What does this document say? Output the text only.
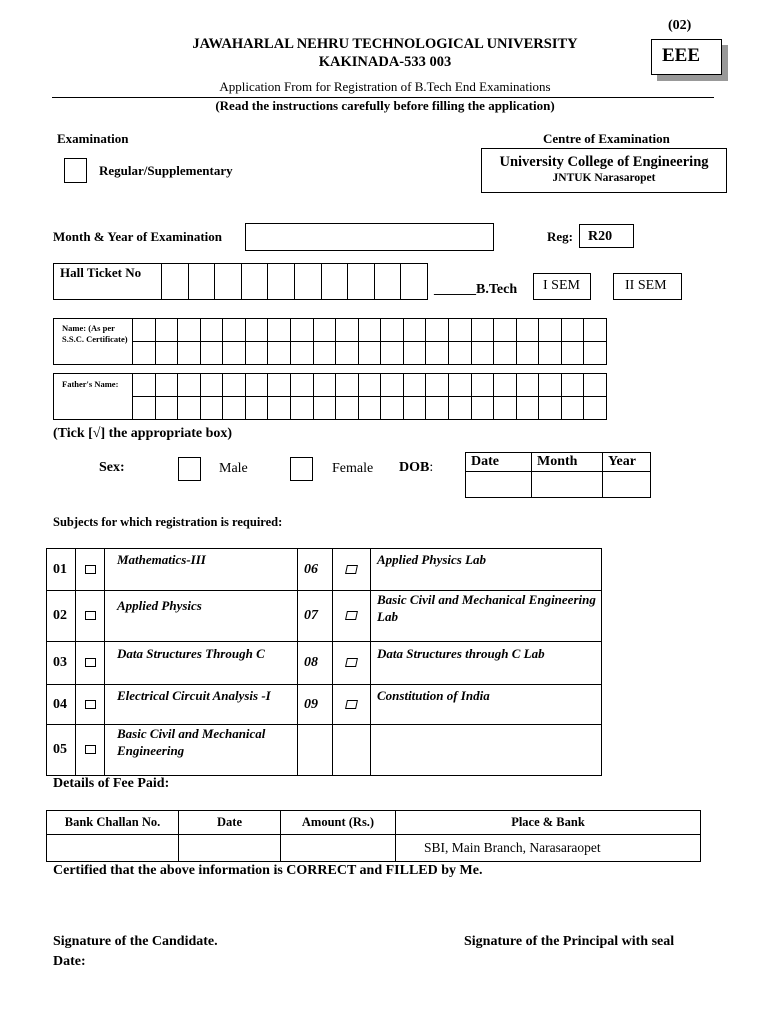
(02)
EEE
JAWAHARLAL NEHRU TECHNOLOGICAL UNIVERSITY
KAKINADA-533 003
Application From for Registration of B.Tech End Examinations
(Read the instructions carefully before filling the application)
Examination
Regular/Supplementary
Centre of Examination
University College of Engineering
JNTUK Narasaropet
Month & Year of Examination	Reg:	R20
Hall Ticket No
______B.Tech	I SEM	II SEM
Name: (As per S.S.C. Certificate)
Father's Name:
(Tick [√] the appropriate box)
Sex:	Male	Female DOB:	Date	Month	Year

Subjects for which registration is required:
01		Mathematics-III	06		Applied Physics Lab
02		Applied Physics	07		Basic Civil and Mechanical Engineering Lab
03		Data Structures Through C	08		Data Structures through C Lab
04		Electrical Circuit Analysis -I	09		Constitution of India
05		Basic Civil and Mechanical Engineering			
Details of Fee Paid:
Bank Challan No.	Date	Amount (Rs.)	Place & Bank
			SBI, Main Branch, Narasaraopet
Certified that the above information is CORRECT and FILLED by Me.
Signature of the Candidate.
Date:
Signature of the Principal with seal
